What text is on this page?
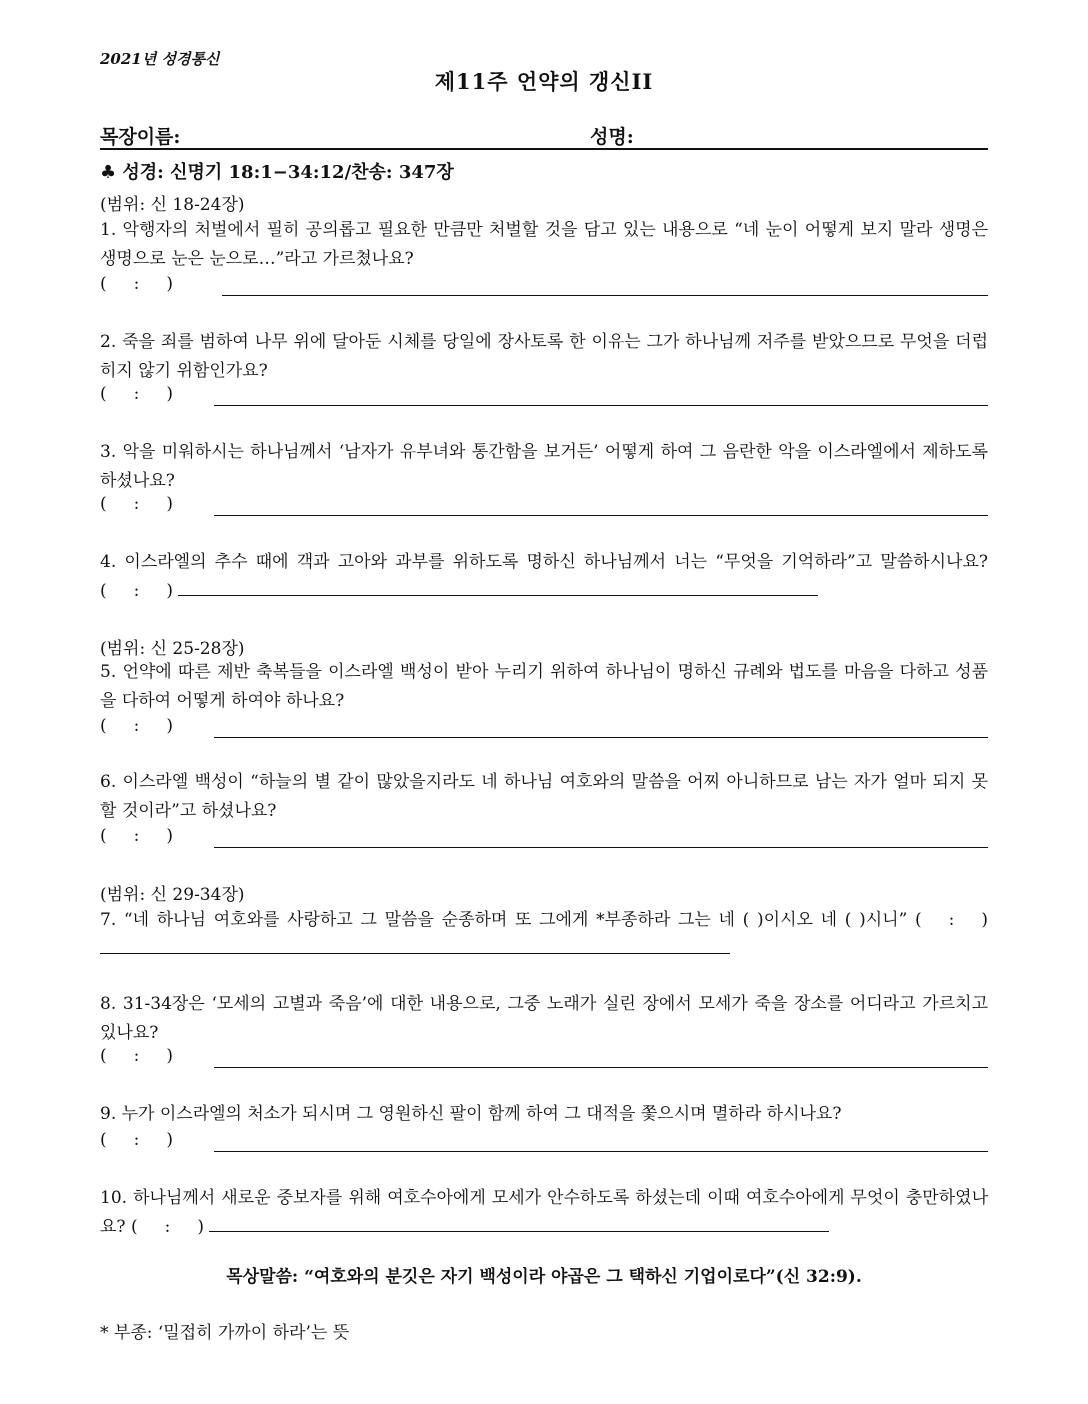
2021년 성경통신
제11주 언약의 갱신II
목장이름:	성명:
♣ 성경: 신명기 18:1−34:12/찬송: 347장
(범위: 신 18-24장)
1. 악행자의 처벌에서 필히 공의롭고 필요한 만큼만 처벌할 것을 담고 있는 내용으로 “네 눈이 어떻게 보지 말라 생명은 생명으로 눈은 눈으로…”라고 가르쳤나요?
(     :     )
2. 죽을 죄를 범하여 나무 위에 달아둔 시체를 당일에 장사토록 한 이유는 그가 하나님께 저주를 받았으므로 무엇을 더럽히지 않기 위함인가요?
(     :     )
3. 악을 미워하시는 하나님께서 ‘남자가 유부녀와 통간함을 보거든’ 어떻게 하여 그 음란한 악을 이스라엘에서 제하도록 하셨나요?
(     :     )
4. 이스라엘의 추수 때에 객과 고아와 과부를 위하도록 명하신 하나님께서 너는 “무엇을 기억하라”고 말씀하시나요? (     :     )
(범위: 신 25-28장)
5. 언약에 따른 제반 축복들을 이스라엘 백성이 받아 누리기 위하여 하나님이 명하신 규례와 법도를 마음을 다하고 성품을 다하여 어떻게 하여야 하나요?
(     :     )
6. 이스라엘 백성이 “하늘의 별 같이 많았을지라도 네 하나님 여호와의 말씀을 어찌 아니하므로 남는 자가 얼마 되지 못할 것이라”고 하셨나요?
(     :     )
(범위: 신 29-34장)
7. “네 하나님 여호와를 사랑하고 그 말씀을 순종하며 또 그에게 *부종하라 그는 네 ( )이시오 네 ( )시니” (     :     )
8. 31-34장은 ‘모세의 고별과 죽음’에 대한 내용으로, 그중 노래가 실린 장에서 모세가 죽을 장소를 어디라고 가르치고 있나요?
(     :     )
9. 누가 이스라엘의 처소가 되시며 그 영원하신 팔이 함께 하여 그 대적을 쫓으시며 멸하라 하시나요?
(     :     )
10. 하나님께서 새로운 중보자를 위해 여호수아에게 모세가 안수하도록 하셨는데 이때 여호수아에게 무엇이 충만하였나요? (     :     )
목상말씀: “여호와의 분깃은 자기 백성이라 야곱은 그 택하신 기업이로다”(신 32:9).
* 부종: ‘밀접히 가까이 하라’는 뜻
